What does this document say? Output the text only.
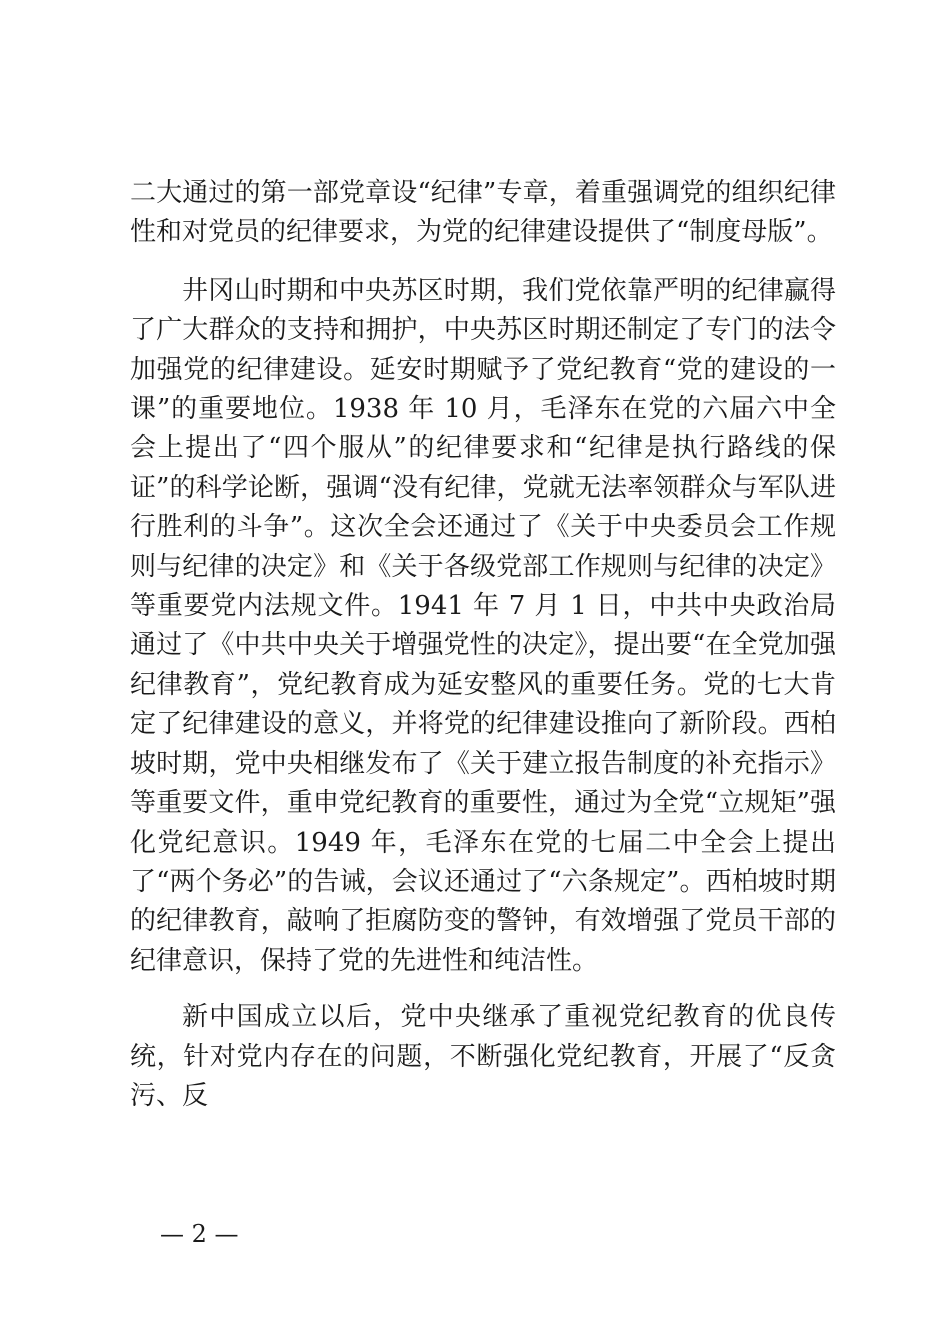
二大通过的第一部党章设“纪律”专章，着重强调党的组织纪律性和对党员的纪律要求，为党的纪律建设提供了“制度母版”。

井冈山时期和中央苏区时期，我们党依靠严明的纪律赢得了广大群众的支持和拥护，中央苏区时期还制定了专门的法令加强党的纪律建设。延安时期赋予了党纪教育“党的建设的一课”的重要地位。1938 年 10 月，毛泽东在党的六届六中全会上提出了“四个服从”的纪律要求和“纪律是执行路线的保证”的科学论断，强调“没有纪律，党就无法率领群众与军队进行胜利的斗争”。这次全会还通过了《关于中央委员会工作规则与纪律的决定》和《关于各级党部工作规则与纪律的决定》等重要党内法规文件。1941 年 7 月 1 日，中共中央政治局通过了《中共中央关于增强党性的决定》，提出要“在全党加强纪律教育”，党纪教育成为延安整风的重要任务。党的七大肯定了纪律建设的意义，并将党的纪律建设推向了新阶段。西柏坡时期，党中央相继发布了《关于建立报告制度的补充指示》等重要文件，重申党纪教育的重要性，通过为全党“立规矩”强化党纪意识。1949 年，毛泽东在党的七届二中全会上提出了“两个务必”的告诫，会议还通过了“六条规定”。西柏坡时期的纪律教育，敲响了拒腐防变的警钟，有效增强了党员干部的纪律意识，保持了党的先进性和纯洁性。

新中国成立以后，党中央继承了重视党纪教育的优良传统，针对党内存在的问题，不断强化党纪教育，开展了“反贪污、反

— 2 —
